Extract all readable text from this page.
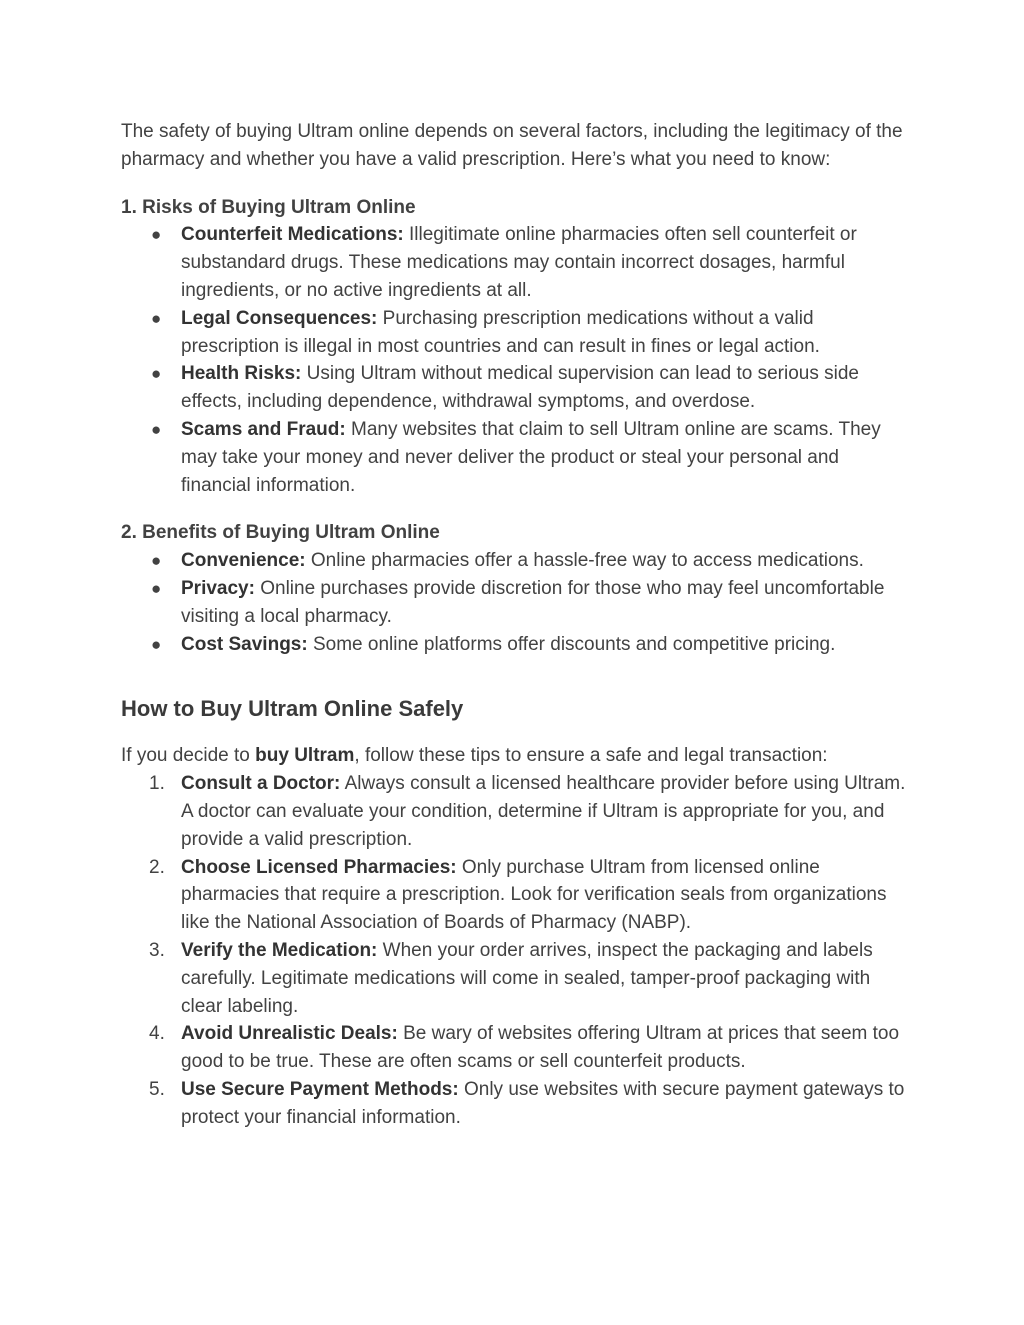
The safety of buying Ultram online depends on several factors, including the legitimacy of the pharmacy and whether you have a valid prescription. Here’s what you need to know:

1. Risks of Buying Ultram Online

● Counterfeit Medications: Illegitimate online pharmacies often sell counterfeit or substandard drugs. These medications may contain incorrect dosages, harmful ingredients, or no active ingredients at all.
● Legal Consequences: Purchasing prescription medications without a valid prescription is illegal in most countries and can result in fines or legal action.
● Health Risks: Using Ultram without medical supervision can lead to serious side effects, including dependence, withdrawal symptoms, and overdose.
● Scams and Fraud: Many websites that claim to sell Ultram online are scams. They may take your money and never deliver the product or steal your personal and financial information.

2. Benefits of Buying Ultram Online

● Convenience: Online pharmacies offer a hassle-free way to access medications.
● Privacy: Online purchases provide discretion for those who may feel uncomfortable visiting a local pharmacy.
● Cost Savings: Some online platforms offer discounts and competitive pricing.
How to Buy Ultram Online Safely

If you decide to buy Ultram, follow these tips to ensure a safe and legal transaction:

1. Consult a Doctor: Always consult a licensed healthcare provider before using Ultram. A doctor can evaluate your condition, determine if Ultram is appropriate for you, and provide a valid prescription.
2. Choose Licensed Pharmacies: Only purchase Ultram from licensed online pharmacies that require a prescription. Look for verification seals from organizations like the National Association of Boards of Pharmacy (NABP).
3. Verify the Medication: When your order arrives, inspect the packaging and labels carefully. Legitimate medications will come in sealed, tamper-proof packaging with clear labeling.
4. Avoid Unrealistic Deals: Be wary of websites offering Ultram at prices that seem too good to be true. These are often scams or sell counterfeit products.
5. Use Secure Payment Methods: Only use websites with secure payment gateways to protect your financial information.
